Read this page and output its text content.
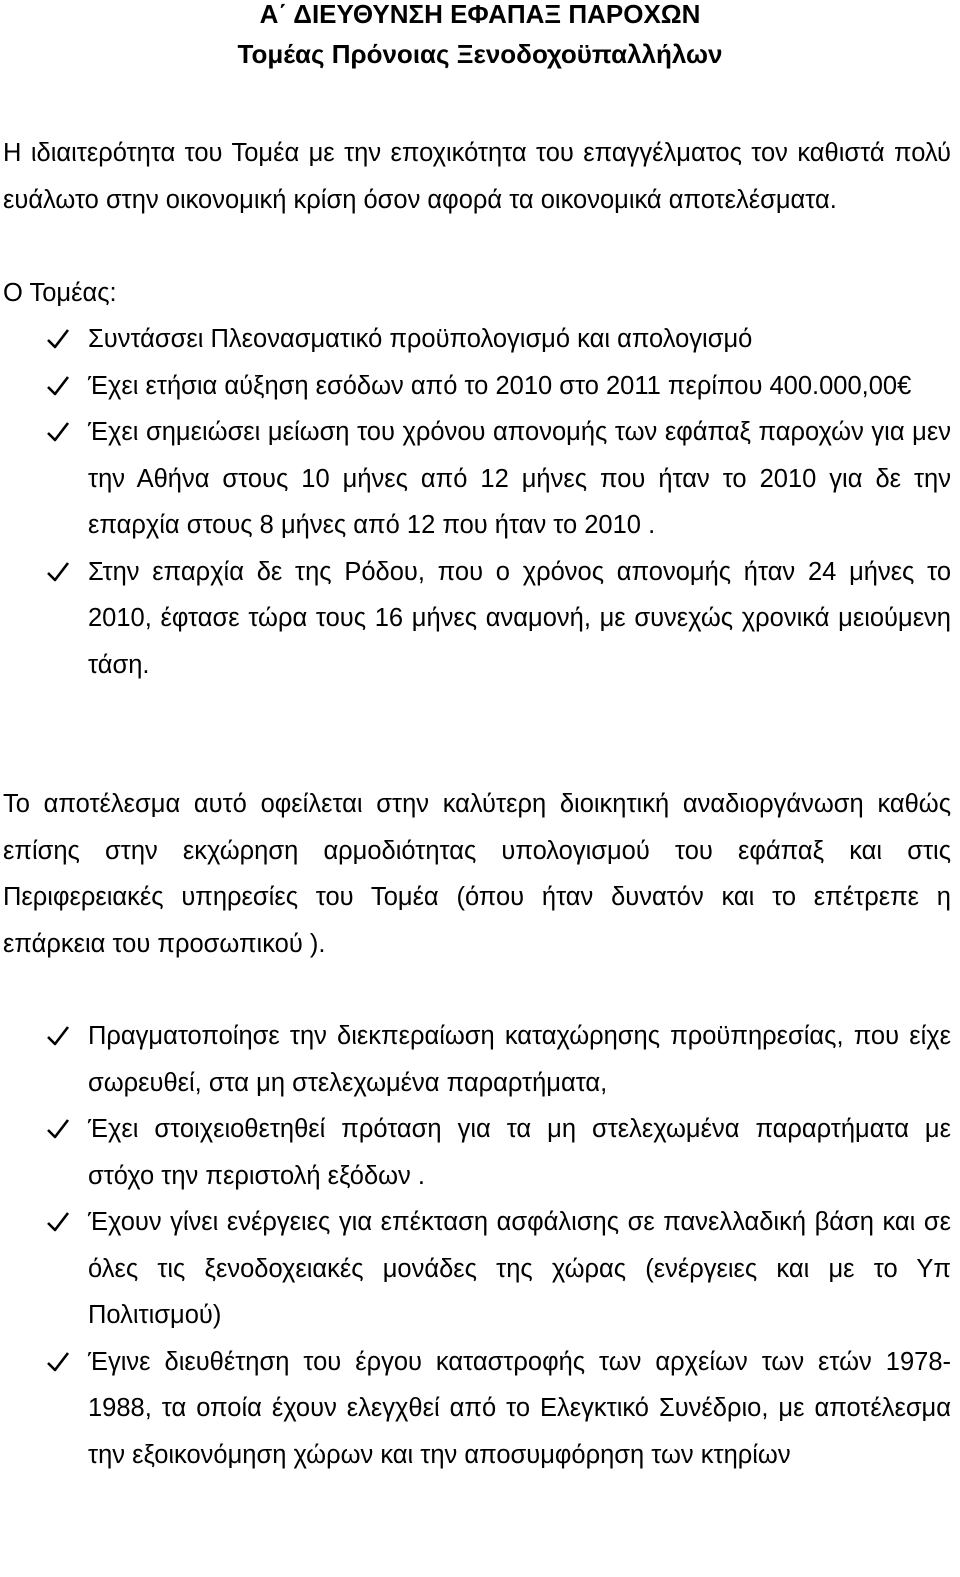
Α΄ ΔΙΕΥΘΥΝΣΗ ΕΦΑΠΑΞ ΠΑΡΟΧΩΝ

Τομέας Πρόνοιας Ξενοδοχοϋπαλλήλων

Η ιδιαιτερότητα του Τομέα με την εποχικότητα του επαγγέλματος τον καθιστά πολύ ευάλωτο στην οικονομική κρίση όσον αφορά τα οικονομικά αποτελέσματα.

Ο Τομέας:

Συντάσσει Πλεονασματικό προϋπολογισμό και απολογισμό
Έχει ετήσια αύξηση εσόδων από το 2010 στο 2011 περίπου 400.000,00€
Έχει σημειώσει μείωση του χρόνου απονομής των εφάπαξ παροχών για μεν την Αθήνα στους 10 μήνες από 12 μήνες που ήταν το 2010 για δε την επαρχία στους 8 μήνες από 12 που ήταν το 2010 .
Στην επαρχία δε της Ρόδου, που ο χρόνος απονομής ήταν 24 μήνες το 2010, έφτασε τώρα τους 16 μήνες αναμονή, με συνεχώς χρονικά μειούμενη τάση.

Το αποτέλεσμα αυτό οφείλεται στην καλύτερη διοικητική αναδιοργάνωση καθώς επίσης στην εκχώρηση αρμοδιότητας υπολογισμού του εφάπαξ και στις Περιφερειακές υπηρεσίες του Τομέα (όπου ήταν δυνατόν και το επέτρεπε η επάρκεια του προσωπικού ).

Πραγματοποίησε την διεκπεραίωση καταχώρησης προϋπηρεσίας, που είχε σωρευθεί, στα μη στελεχωμένα παραρτήματα,
Έχει στοιχειοθετηθεί πρόταση για τα μη στελεχωμένα παραρτήματα με στόχο την περιστολή εξόδων .
Έχουν γίνει ενέργειες για επέκταση ασφάλισης σε πανελλαδική βάση και σε όλες τις ξενοδοχειακές μονάδες της χώρας (ενέργειες και με το Υπ Πολιτισμού)
Έγινε διευθέτηση του έργου καταστροφής των αρχείων των ετών 1978-1988, τα οποία έχουν ελεγχθεί από το Ελεγκτικό Συνέδριο, με αποτέλεσμα την εξοικονόμηση χώρων και την αποσυμφόρηση των κτηρίων
